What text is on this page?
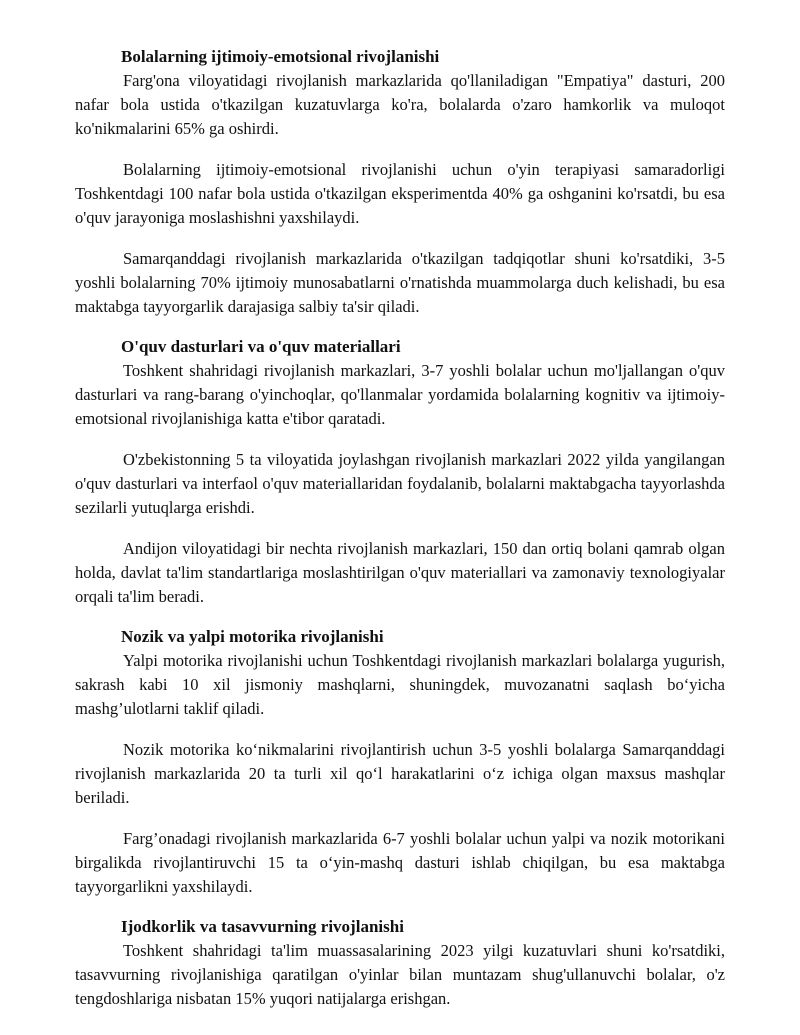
Bolalarning ijtimoiy-emotsional rivojlanishi

Farg'ona viloyatidagi rivojlanish markazlarida qo'llaniladigan "Empatiya" dasturi, 200 nafar bola ustida o'tkazilgan kuzatuvlarga ko'ra, bolalarda o'zaro hamkorlik va muloqot ko'nikmalarini 65% ga oshirdi.

Bolalarning ijtimoiy-emotsional rivojlanishi uchun o'yin terapiyasi samaradorligi Toshkentdagi 100 nafar bola ustida o'tkazilgan eksperimentda 40% ga oshganini ko'rsatdi, bu esa o'quv jarayoniga moslashishni yaxshilaydi.

Samarqanddagi rivojlanish markazlarida o'tkazilgan tadqiqotlar shuni ko'rsatdiki, 3-5 yoshli bolalarning 70% ijtimoiy munosabatlarni o'rnatishda muammolarga duch kelishadi, bu esa maktabga tayyorgarlik darajasiga salbiy ta'sir qiladi.

O'quv dasturlari va o'quv materiallari

Toshkent shahridagi rivojlanish markazlari, 3-7 yoshli bolalar uchun mo'ljallangan o'quv dasturlari va rang-barang o'yinchoqlar, qo'llanmalar yordamida bolalarning kognitiv va ijtimoiy-emotsional rivojlanishiga katta e'tibor qaratadi.

O'zbekistonning 5 ta viloyatida joylashgan rivojlanish markazlari 2022 yilda yangilangan o'quv dasturlari va interfaol o'quv materiallaridan foydalanib, bolalarni maktabgacha tayyorlashda sezilarli yutuqlarga erishdi.

Andijon viloyatidagi bir nechta rivojlanish markazlari, 150 dan ortiq bolani qamrab olgan holda, davlat ta'lim standartlariga moslashtirilgan o'quv materiallari va zamonaviy texnologiyalar orqali ta'lim beradi.

Nozik va yalpi motorika rivojlanishi

Yalpi motorika rivojlanishi uchun Toshkentdagi rivojlanish markazlari bolalarga yugurish, sakrash kabi 10 xil jismoniy mashqlarni, shuningdek, muvozanatni saqlash bo‘yicha mashg’ulotlarni taklif qiladi.

Nozik motorika ko‘nikmalarini rivojlantirish uchun 3-5 yoshli bolalarga Samarqanddagi rivojlanish markazlarida 20 ta turli xil qo‘l harakatlarini o‘z ichiga olgan maxsus mashqlar beriladi.

Farg’onadagi rivojlanish markazlarida 6-7 yoshli bolalar uchun yalpi va nozik motorikani birgalikda rivojlantiruvchi 15 ta o‘yin-mashq dasturi ishlab chiqilgan, bu esa maktabga tayyorgarlikni yaxshilaydi.

Ijodkorlik va tasavvurning rivojlanishi

Toshkent shahridagi ta'lim muassasalarining 2023 yilgi kuzatuvlari shuni ko'rsatdiki, tasavvurning rivojlanishiga qaratilgan o'yinlar bilan muntazam shug'ullanuvchi bolalar, o'z tengdoshlariga nisbatan 15% yuqori natijalarga erishgan.
